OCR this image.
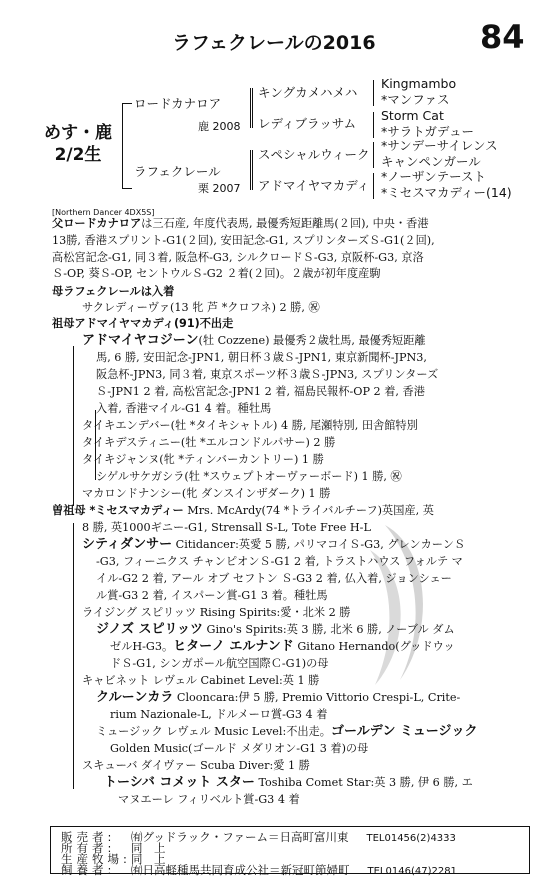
ラフェクレールの2016	84
めす・鹿
2/2生
ロードカナロア
鹿 2008
ラフェクレール
栗 2007
キングカメハメハ
レディブラッサム
スペシャルウィーク
アドマイヤマカディ
Kingmambo
*マンファス
Storm Cat
*サラトガデュー
*サンデーサイレンス
キャンペンガール
*ノーザンテースト
*ミセスマカディー(14)
[Northern Dancer 4DX5S]
父ロードカナロアは三石産, 年度代表馬, 最優秀短距離馬(２回), 中央・香港
13勝, 香港スプリント-G1(２回), 安田記念-G1, スプリンターズＳ-G1(２回),
高松宮記念-G1, 同３着, 阪急杯-G3, シルクロードＳ-G3, 京阪杯-G3, 京洛
Ｓ-OP, 葵Ｓ-OP, セントウルＳ-G2 ２着(２回)。２歳が初年度産駒
母ラフェクレールは入着
サクレディーヴァ(13 牝 芦 *クロフネ) 2 勝, ㊗
祖母アドマイヤマカディ(91)不出走
アドマイヤコジーン(牡 Cozzene) 最優秀２歳牡馬, 最優秀短距離
馬, 6 勝, 安田記念-JPN1, 朝日杯３歳Ｓ-JPN1, 東京新聞杯-JPN3,
阪急杯-JPN3, 同３着, 東京スポーツ杯３歳Ｓ-JPN3, スプリンターズ
Ｓ-JPN1 2 着, 高松宮記念-JPN1 2 着, 福島民報杯-OP 2 着, 香港
入着, 香港マイル-G1 4 着。種牡馬
タイキエンデバー(牡 *タイキシャトル) 4 勝, 尾瀬特別, 田舎館特別
タイキデスティニー(牡 *エルコンドルパサー) 2 勝
タイキジャンヌ(牝 *ティンバーカントリー) 1 勝
シゲルサケガシラ(牡 *スウェプトオーヴァーボード) 1 勝, ㊗
マカロンドナンシー(牝 ダンスインザダーク) 1 勝
曽祖母 *ミセスマカディー Mrs. McArdy(74 *トライバルチーフ)英国産, 英
8 勝, 英1000ギニー-G1, Strensall S-L, Tote Free H-L
シティダンサー Citidancer:英愛 5 勝, パリマコイＳ-G3, グレンカーンＳ
-G3, フィーニクス チャンピオンＳ-G1 2 着, トラストハウス フォルテ マ
イル-G2 2 着, アール オブ セフトン Ｓ-G3 2 着, 仏入着, ジョンシェー
ル賞-G3 2 着, イスパーン賞-G1 3 着。種牡馬
ライジング スピリッツ Rising Spirits:愛・北米 2 勝
ジノズ スピリッツ Gino's Spirits:英 3 勝, 北米 6 勝, ノーブル ダム
ゼルH-G3。ヒターノ エルナンド Gitano Hernando(グッドウッ
ドＳ-G1, シンガポール航空国際Ｃ-G1)の母
キャビネット レヴェル Cabinet Level:英 1 勝
クルーンカラ Clooncara:伊 5 勝, Premio Vittorio Crespi-L, Crite-
rium Nazionale-L, ドルメーロ賞-G3 4 着
ミュージック レヴェル Music Level:不出走。ゴールデン ミュージック
Golden Music(ゴールド メダリオン-G1 3 着)の母
スキューバ ダイヴァー Scuba Diver:愛 1 勝
トーシバ コメット スター Toshiba Comet Star:英 3 勝, 伊 6 勝, エ
マヌエーレ フィリベルト賞-G3 4 着
販売者: ㈲グッドラック・ファーム＝日高町富川東 TEL01456(2)4333
所有者: 同　上
生産牧場:同　上
飼養者: ㈲日高軽種馬共同育成公社＝新冠町節婦町 TEL0146(47)2281
